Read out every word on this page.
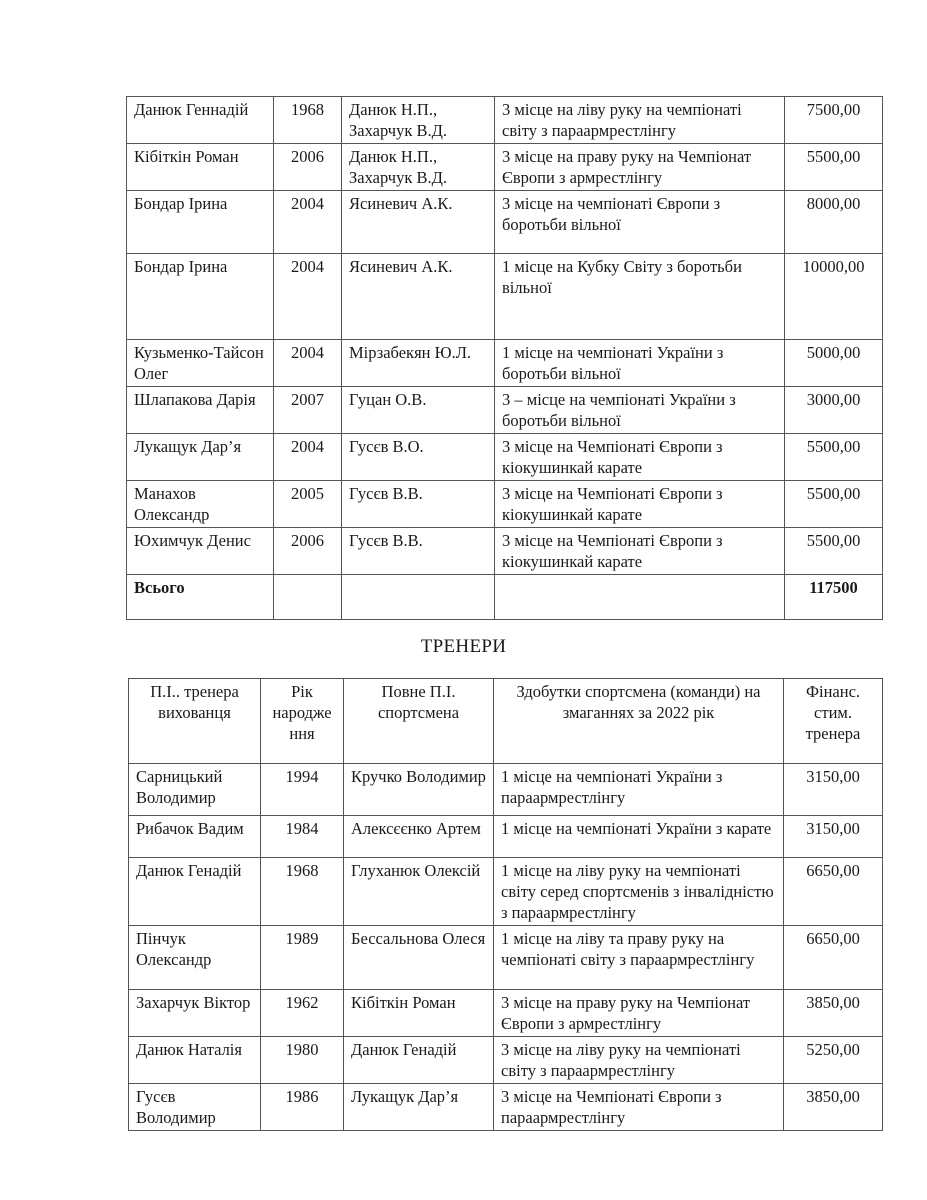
Данюк Геннадій	1968	Данюк Н.П., Захарчук В.Д.	3 місце на ліву руку на чемпіонаті світу з параармрестлінгу	7500,00
Кібіткін Роман	2006	Данюк Н.П., Захарчук В.Д.	3 місце на праву руку на Чемпіонат Європи з армрестлінгу	5500,00
Бондар Ірина	2004	Ясиневич А.К.	3 місце на чемпіонаті Європи з боротьби вільної	8000,00
Бондар Ірина	2004	Ясиневич А.К.	1 місце на Кубку Світу з боротьби вільної	10000,00
Кузьменко-Тайсон Олег	2004	Мірзабекян Ю.Л.	1 місце на чемпіонаті України з боротьби вільної	5000,00
Шлапакова Дарія	2007	Гуцан О.В.	3 – місце на чемпіонаті України з боротьби вільної	3000,00
Лукащук Дар’я	2004	Гусєв В.О.	3 місце на Чемпіонаті Європи з кіокушинкай карате	5500,00
Манахов Олександр	2005	Гусєв В.В.	3 місце на Чемпіонаті Європи з кіокушинкай карате	5500,00
Юхимчук Денис	2006	Гусєв В.В.	3 місце на Чемпіонаті Європи з кіокушинкай карате	5500,00
Всього				117500
ТРЕНЕРИ
П.І.. тренера вихованця	Рік народже ння	Повне П.І. спортсмена	Здобутки спортсмена (команди) на змаганнях за 2022 рік	Фінанс. стим. тренера
Сарницький Володимир	1994	Кручко Володимир	1 місце на чемпіонаті України з параармрестлінгу	3150,00
Рибачок Вадим	1984	Алексєєнко Артем	1 місце на чемпіонаті України з карате	3150,00
Данюк Генадій	1968	Глуханюк Олексій	1 місце на ліву руку на чемпіонаті світу серед спортсменів з інвалідністю з параармрестлінгу	6650,00
Пінчук Олександр	1989	Бессальнова Олеся	1 місце на ліву та праву руку на чемпіонаті світу з параармрестлінгу	6650,00
Захарчук Віктор	1962	Кібіткін Роман	3 місце на праву руку на Чемпіонат Європи з армрестлінгу	3850,00
Данюк Наталія	1980	Данюк Генадій	3 місце на ліву руку на чемпіонаті світу з параармрестлінгу	5250,00
Гусєв Володимир	1986	Лукащук Дар’я	3 місце на Чемпіонаті Європи з параармрестлінгу	3850,00
